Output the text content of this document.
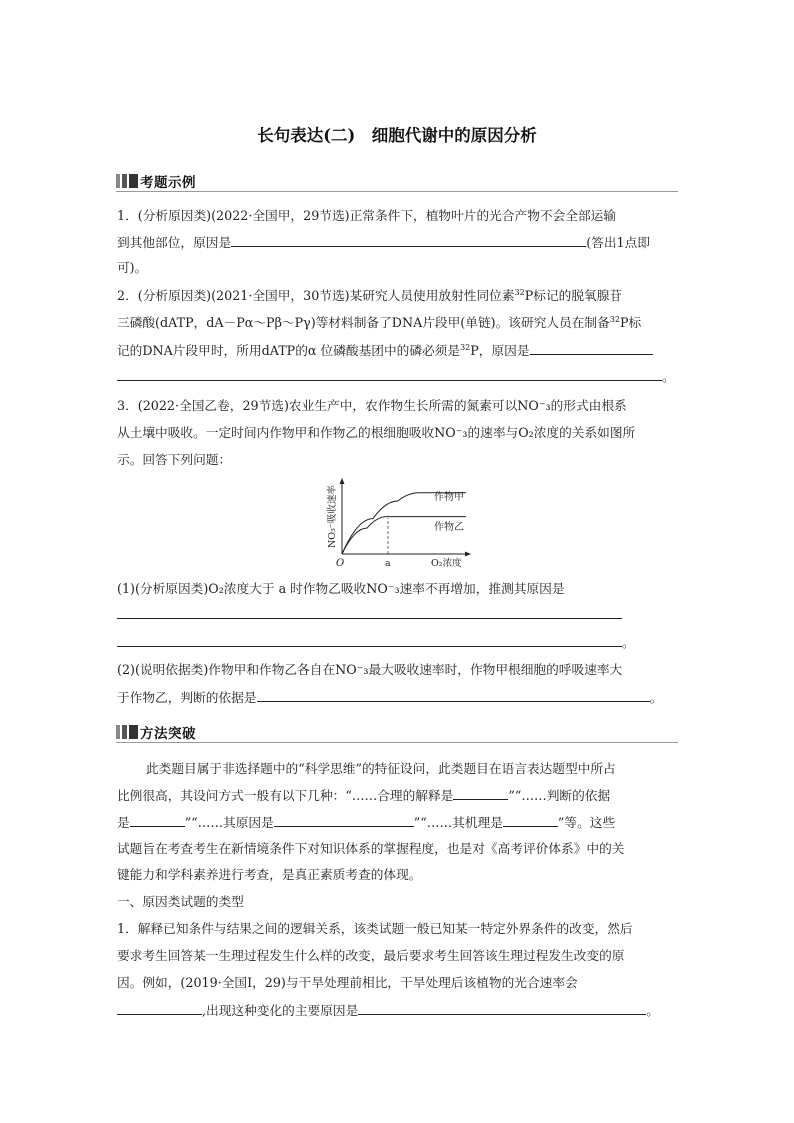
长句表达(二)　细胞代谢中的原因分析
考题示例
1．(分析原因类)(2022·全国甲，29节选)正常条件下，植物叶片的光合产物不会全部运输
到其他部位，原因是	(答出1点即
可)。
2．(分析原因类)(2021·全国甲，30节选)某研究人员使用放射性同位素$^{32}$P标记的脱氧腺苷
三磷酸(dATP，dA－Pα～Pβ～Pγ)等材料制备了DNA片段甲(单链)。该研究人员在制备$^{32}$P标
记的DNA片段甲时，所用dATP的α 位磷酸基团中的磷必须是$^{32}$P，原因是
。
3．(2022·全国乙卷，29节选)农业生产中，农作物生长所需的氮素可以NO⁻₃的形式由根系
从土壤中吸收。一定时间内作物甲和作物乙的根细胞吸收NO⁻₃的速率与O₂浓度的关系如图所
示。回答下列问题：
NO₃⁻吸收速率
O	a	O₂浓度
作物甲
作物乙
(1)(分析原因类)O₂浓度大于 a 时作物乙吸收NO⁻₃速率不再增加，推测其原因是
。
(2)(说明依据类)作物甲和作物乙各自在NO⁻₃最大吸收速率时，作物甲根细胞的呼吸速率大
于作物乙，判断的依据是	。
方法突破
此类题目属于非选择题中的“科学思维”的特征设问，此类题目在语言表达题型中所占
比例很高，其设问方式一般有以下几种：“……合理的解释是	”“……判断的依据
是	”“……其原因是	”“……其机理是	”等。这些
试题旨在考查考生在新情境条件下对知识体系的掌握程度，也是对《高考评价体系》中的关
键能力和学科素养进行考查，是真正素质考查的体现。
一、原因类试题的类型
1．解释已知条件与结果之间的逻辑关系，该类试题一般已知某一特定外界条件的改变，然后
要求考生回答某一生理过程发生什么样的改变，最后要求考生回答该生理过程发生改变的原
因。例如，(2019·全国Ⅰ，29)与干旱处理前相比，干旱处理后该植物的光合速率会
,出现这种变化的主要原因是	。
